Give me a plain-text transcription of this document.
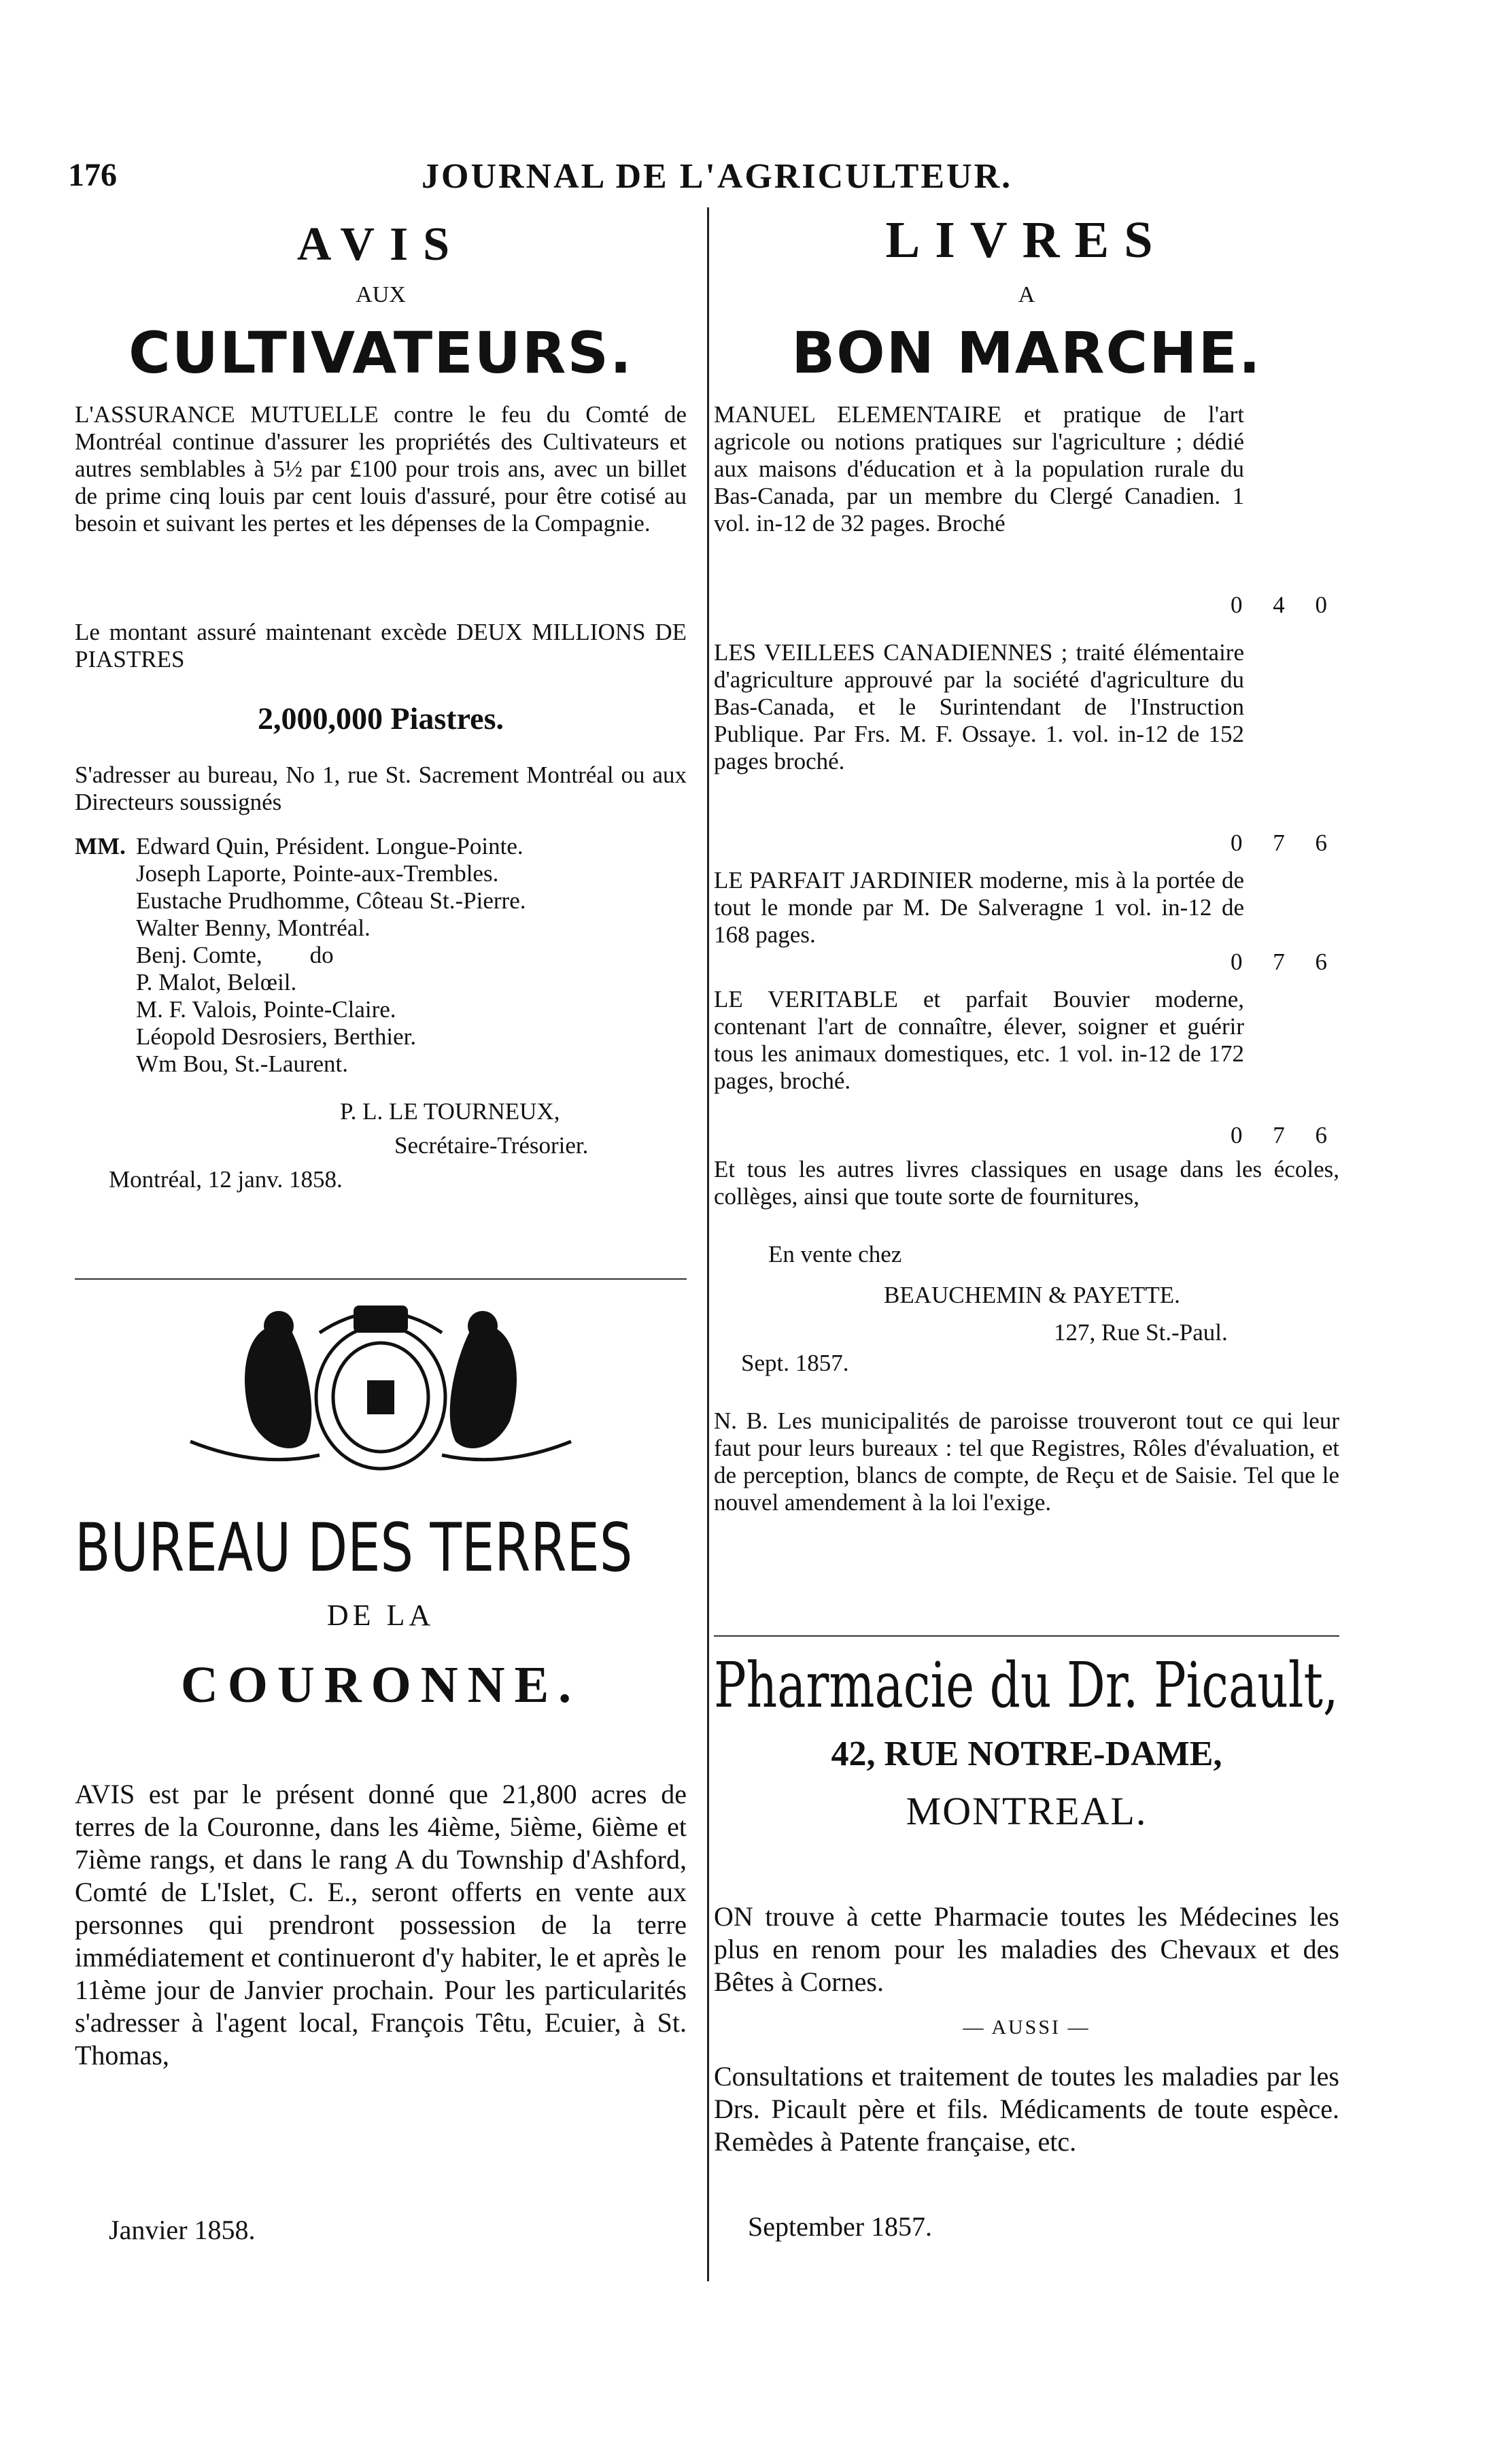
176	JOURNAL DE L'AGRICULTEUR.
AVIS
AUX
CULTIVATEURS.
L'ASSURANCE MUTUELLE contre le feu du Comté de Montréal continue d'assurer les propriétés des Cultivateurs et autres semblables à 5½ par £100 pour trois ans, avec un billet de prime cinq louis par cent louis d'assuré, pour être cotisé au besoin et suivant les pertes et les dépenses de la Compagnie.
Le montant assuré maintenant excède DEUX MILLIONS DE PIASTRES
2,000,000 Piastres.
S'adresser au bureau, No 1, rue St. Sacrement Montréal ou aux Directeurs soussignés
MM. Edward Quin, Président. Longue-Pointe.
Joseph Laporte, Pointe-aux-Trembles.
Eustache Prudhomme, Côteau St.-Pierre.
Walter Benny, Montréal.
Benj. Comte,        do
P. Malot, Belœil.
M. F. Valois, Pointe-Claire.
Léopold Desrosiers, Berthier.
Wm Bou, St.-Laurent.
P. L. LE TOURNEUX,
Secrétaire-Trésorier.
Montréal, 12 janv. 1858.
BUREAU DES TERRES
DE LA
COURONNE.
AVIS est par le présent donné que 21,800 acres de terres de la Couronne, dans les 4ième, 5ième, 6ième et 7ième rangs, et dans le rang A du Township d'Ashford, Comté de L'Islet, C. E., seront offerts en vente aux personnes qui prendront possession de la terre immédiatement et continueront d'y habiter, le et après le 11ème jour de Janvier prochain. Pour les particularités s'adresser à l'agent local, François Têtu, Ecuier, à St. Thomas,
Janvier 1858.
LIVRES
A
BON MARCHE.
MANUEL ELEMENTAIRE et pratique de l'art agricole ou notions pratiques sur l'agriculture ; dédié aux maisons d'éducation et à la population rurale du Bas-Canada, par un membre du Clergé Canadien. 1 vol. in-12 de 32 pages. Broché
0 4 0
LES VEILLEES CANADIENNES ; traité élémentaire d'agriculture approuvé par la société d'agriculture du Bas-Canada, et le Surintendant de l'Instruction Publique. Par Frs. M. F. Ossaye. 1. vol. in-12 de 152 pages broché.
0 7 6
LE PARFAIT JARDINIER moderne, mis à la portée de tout le monde par M. De Salveragne 1 vol. in-12 de 168 pages.
0 7 6
LE VERITABLE et parfait Bouvier moderne, contenant l'art de connaître, élever, soigner et guérir tous les animaux domestiques, etc. 1 vol. in-12 de 172 pages, broché.
0 7 6
Et tous les autres livres classiques en usage dans les écoles, collèges, ainsi que toute sorte de fournitures,
En vente chez
BEAUCHEMIN & PAYETTE.
127, Rue St.-Paul.
Sept. 1857.
N. B. Les municipalités de paroisse trouveront tout ce qui leur faut pour leurs bureaux : tel que Registres, Rôles d'évaluation, et de perception, blancs de compte, de Reçu et de Saisie. Tel que le nouvel amendement à la loi l'exige.
Pharmacie du Dr. Picault,
42, RUE NOTRE-DAME,
MONTREAL.
ON trouve à cette Pharmacie toutes les Médecines les plus en renom pour les maladies des Chevaux et des Bêtes à Cornes.
— AUSSI —
Consultations et traitement de toutes les maladies par les Drs. Picault père et fils. Médicaments de toute espèce. Remèdes à Patente française, etc.
September 1857.
